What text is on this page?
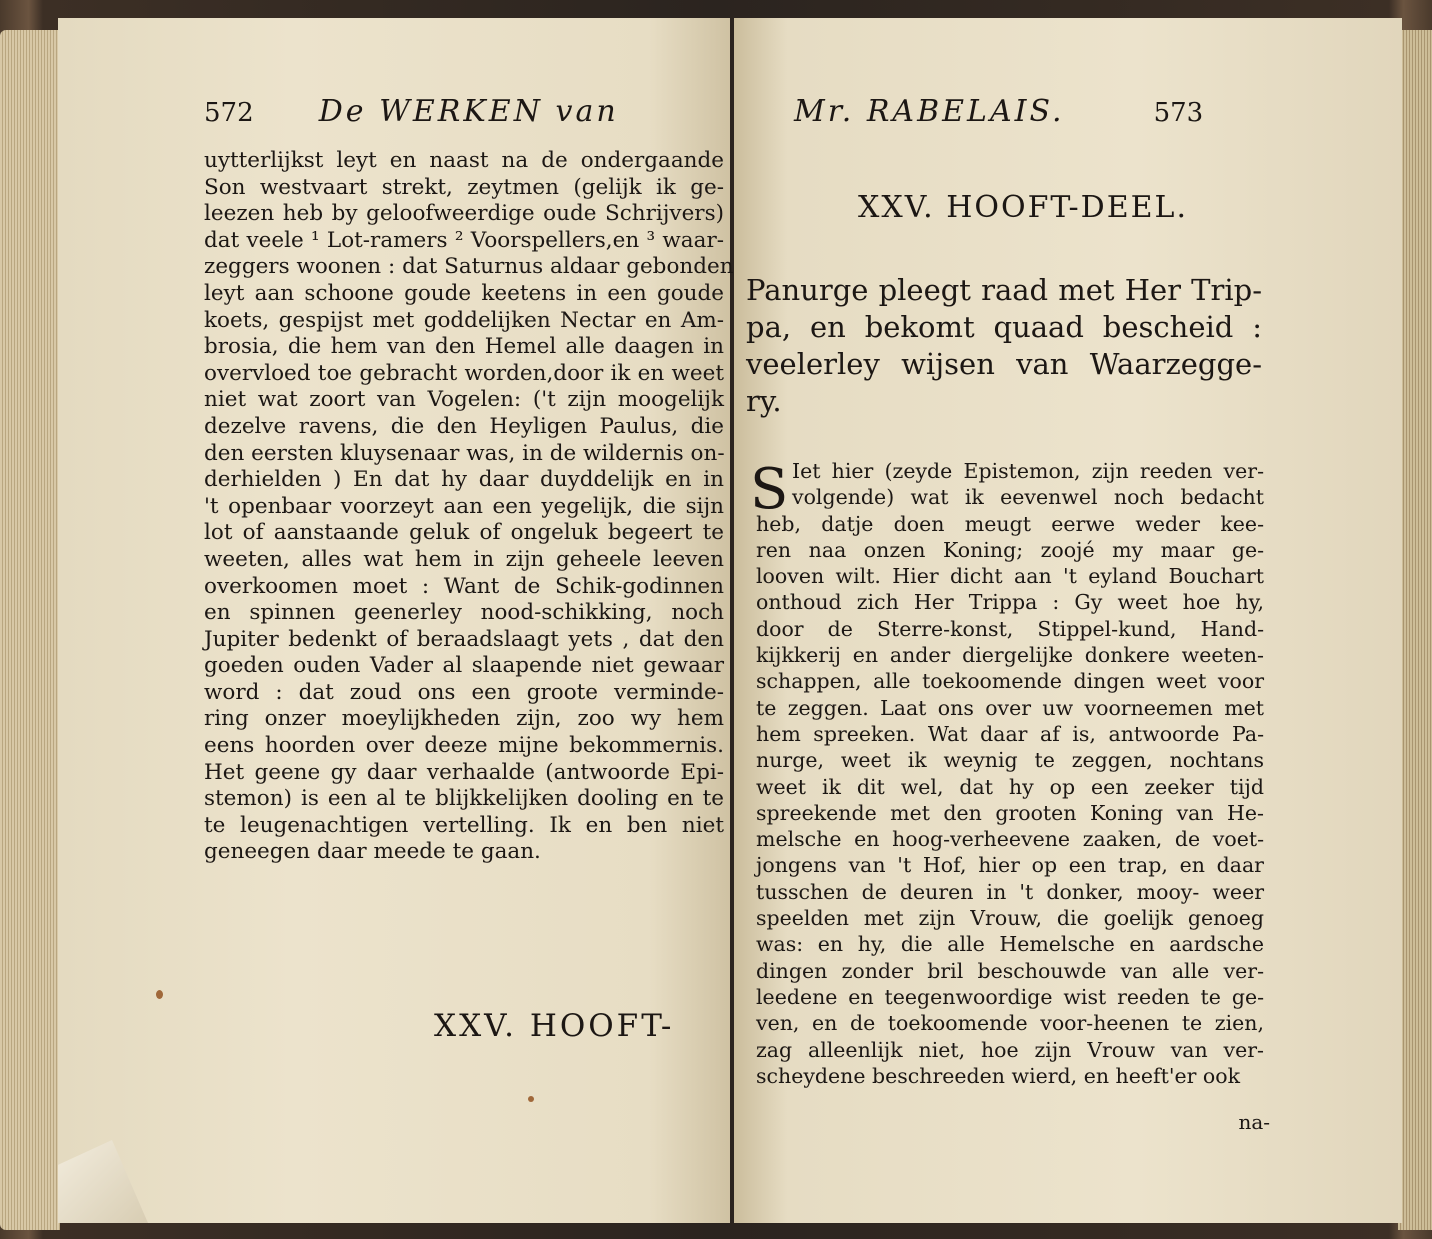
572 De WERKEN van
uytterlijkst leyt en naast na de ondergaande
Son westvaart strekt, zeytmen (gelijk ik ge-
leezen heb by geloofweerdige oude Schrijvers)
dat veele ¹ Lot-ramers ² Voorspellers,en ³ waar-
zeggers woonen : dat Saturnus aldaar gebonden
leyt aan schoone goude keetens in een goude
koets, gespijst met goddelijken Nectar en Am-
brosia, die hem van den Hemel alle daagen in
overvloed toe gebracht worden,door ik en weet
niet wat zoort van Vogelen: ('t zijn moogelijk
dezelve ravens, die den Heyligen Paulus, die
den eersten kluysenaar was, in de wildernis on-
derhielden ) En dat hy daar duyddelijk en in
't openbaar voorzeyt aan een yegelijk, die sijn
lot of aanstaande geluk of ongeluk begeert te
weeten, alles wat hem in zijn geheele leeven
overkoomen moet : Want de Schik-godinnen
en spinnen geenerley nood-schikking, noch
Jupiter bedenkt of beraadslaagt yets , dat den
goeden ouden Vader al slaapende niet gewaar
word : dat zoud ons een groote verminde-
ring onzer moeylijkheden zijn, zoo wy hem
eens hoorden over deeze mijne bekommernis.
Het geene gy daar verhaalde (antwoorde Epi-
stemon) is een al te blijkkelijken dooling en te
te leugenachtigen vertelling. Ik en ben niet
geneegen daar meede te gaan.
XXV. HOOFT-
Mr. RABELAIS.	573
XXV. HOOFT-DEEL.
Panurge pleegt raad met Her Trip-
pa, en bekomt quaad bescheid :
veelerley wijsen van Waarzegge-
ry.
S Iet hier (zeyde Epistemon, zijn reeden ver-
volgende) wat ik eevenwel noch bedacht
heb, datje doen meugt eerwe weder kee-
ren naa onzen Koning; zoojé my maar ge-
looven wilt. Hier dicht aan 't eyland Bouchart
onthoud zich Her Trippa : Gy weet hoe hy,
door de Sterre-konst, Stippel-kund, Hand-
kijkkerij en ander diergelijke donkere weeten-
schappen, alle toekoomende dingen weet voor
te zeggen. Laat ons over uw voorneemen met
hem spreeken. Wat daar af is, antwoorde Pa-
nurge, weet ik weynig te zeggen, nochtans
weet ik dit wel, dat hy op een zeeker tijd
spreekende met den grooten Koning van He-
melsche en hoog-verheevene zaaken, de voet-
jongens van 't Hof, hier op een trap, en daar
tusschen de deuren in 't donker, mooy- weer
speelden met zijn Vrouw, die goelijk genoeg
was: en hy, die alle Hemelsche en aardsche
dingen zonder bril beschouwde van alle ver-
leedene en teegenwoordige wist reeden te ge-
ven, en de toekoomende voor-heenen te zien,
zag alleenlijk niet, hoe zijn Vrouw van ver-
scheydene beschreeden wierd, en heeft'er ook
na-
